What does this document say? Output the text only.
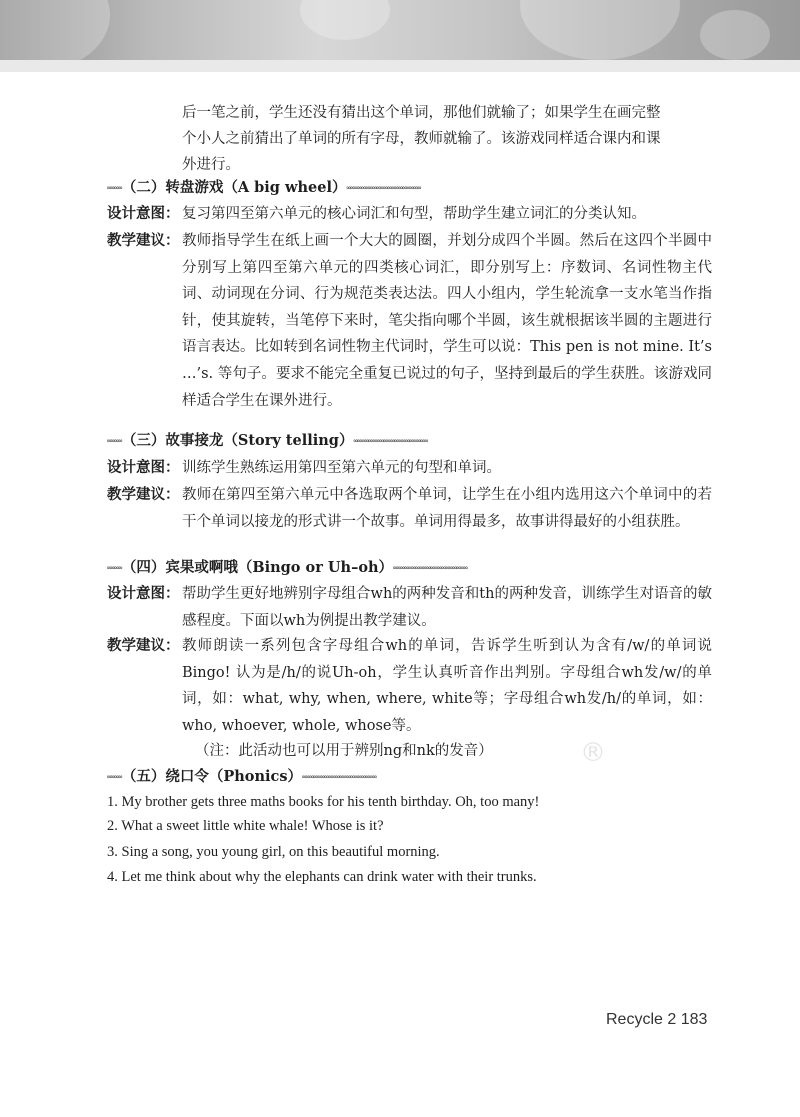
后一笔之前，学生还没有猜出这个单词，那他们就输了；如果学生在画完整
个小人之前猜出了单词的所有字母，教师就输了。该游戏同样适合课内和课
外进行。
∞∞∞∞ （二）转盘游戏（A big wheel） ∞∞∞∞∞∞∞∞∞∞∞∞∞∞∞∞∞∞∞∞
设计意图： 复习第四至第六单元的核心词汇和句型，帮助学生建立词汇的分类认知。
教学建议： 教师指导学生在纸上画一个大大的圆圈，并划分成四个半圆。然后在这四个半圆中分别写上第四至第六单元的四类核心词汇，即分别写上：序数词、名词性物主代词、动词现在分词、行为规范类表达法。四人小组内，学生轮流拿一支水笔当作指针，使其旋转，当笔停下来时，笔尖指向哪个半圆，该生就根据该半圆的主题进行语言表达。比如转到名词性物主代词时，学生可以说：This pen is not mine. It’s …’s. 等句子。要求不能完全重复已说过的句子，坚持到最后的学生获胜。该游戏同样适合学生在课外进行。
∞∞∞∞ （三）故事接龙（Story telling） ∞∞∞∞∞∞∞∞∞∞∞∞∞∞∞∞∞∞∞∞
设计意图： 训练学生熟练运用第四至第六单元的句型和单词。
教学建议： 教师在第四至第六单元中各选取两个单词，让学生在小组内选用这六个单词中的若干个单词以接龙的形式讲一个故事。单词用得最多，故事讲得最好的小组获胜。
∞∞∞∞ （四）宾果或啊哦（Bingo or Uh–oh） ∞∞∞∞∞∞∞∞∞∞∞∞∞∞∞∞∞∞∞∞
设计意图： 帮助学生更好地辨别字母组合wh的两种发音和th的两种发音，训练学生对语音的敏感程度。下面以wh为例提出教学建议。
教学建议： 教师朗读一系列包含字母组合wh的单词，告诉学生听到认为含有/w/的单词说Bingo! 认为是/h/的说Uh-oh，学生认真听音作出判别。字母组合wh发/w/的单词，如：what, why, when, where, white等；字母组合wh发/h/的单词，如：who, whoever, whole, whose等。
（注：此活动也可以用于辨别ng和nk的发音）
∞∞∞∞ （五）绕口令（Phonics） ∞∞∞∞∞∞∞∞∞∞∞∞∞∞∞∞∞∞∞∞
1. My brother gets three maths books for his tenth birthday. Oh, too many!
2. What a sweet little white whale! Whose is it?
3. Sing a song, you young girl, on this beautiful morning.
4. Let me think about why the elephants can drink water with their trunks.
®
Recycle 2 183
